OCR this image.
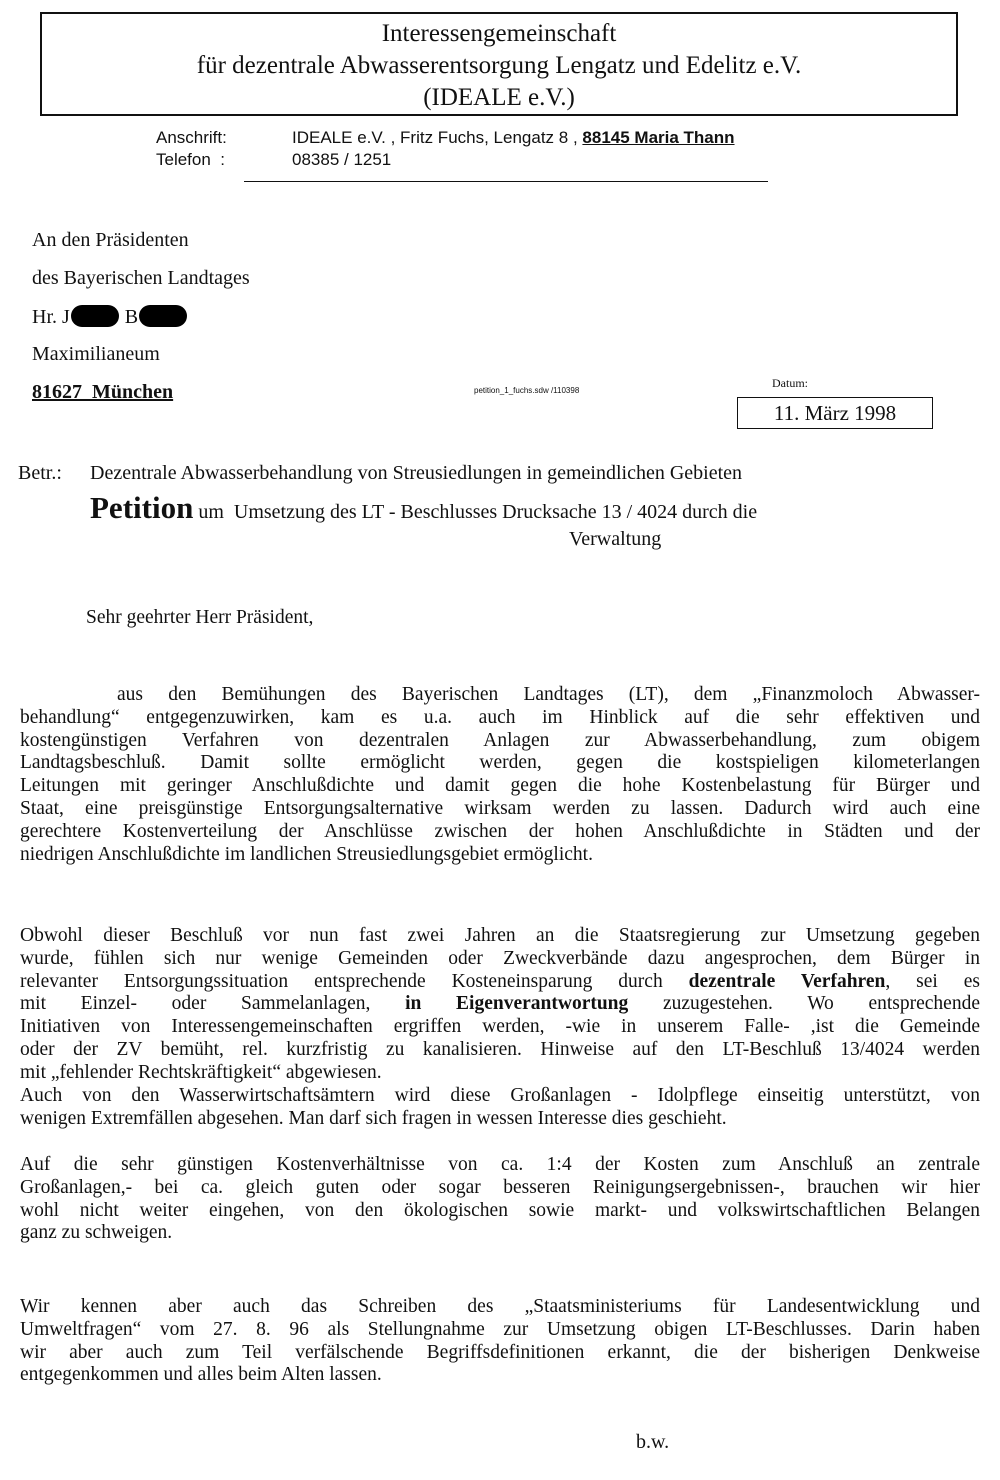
Interessengemeinschaft
für dezentrale Abwasserentsorgung Lengatz und Edelitz e.V.
(IDEALE e.V.)
Anschrift:	IDEALE e.V. , Fritz Fuchs, Lengatz 8 , 88145 Maria Thann
Telefon  :	08385 / 1251
An den Präsidenten
des Bayerischen Landtages
Hr. J	B
Maximilianeum
81627  München	petition_1_fuchs.sdw /110398
Datum:
11. März 1998
Betr.: Dezentrale Abwasserbehandlung von Streusiedlungen in gemeindlichen Gebieten
Petition um  Umsetzung des LT - Beschlusses Drucksache 13 / 4024 durch die
Verwaltung
Sehr geehrter Herr Präsident,
aus den Bemühungen des Bayerischen Landtages (LT), dem „Finanzmoloch Abwasser-
behandlung“ entgegenzuwirken, kam es u.a. auch im Hinblick auf die sehr effektiven und
kostengünstigen Verfahren von dezentralen Anlagen zur Abwasserbehandlung, zum obigem
Landtagsbeschluß. Damit sollte ermöglicht werden, gegen die kostspieligen kilometerlangen
Leitungen mit geringer Anschlußdichte und damit gegen die hohe Kostenbelastung für Bürger und
Staat, eine preisgünstige Entsorgungsalternative wirksam werden zu lassen. Dadurch wird auch eine
gerechtere Kostenverteilung der Anschlüsse zwischen der hohen Anschlußdichte in Städten und der
niedrigen Anschlußdichte im landlichen Streusiedlungsgebiet ermöglicht.
Obwohl dieser Beschluß vor nun fast zwei Jahren an die Staatsregierung zur Umsetzung gegeben
wurde, fühlen sich nur wenige Gemeinden oder Zweckverbände dazu angesprochen, dem Bürger in
relevanter Entsorgungssituation entsprechende Kosteneinsparung durch dezentrale Verfahren, sei es
mit Einzel- oder Sammelanlagen, in Eigenverantwortung zuzugestehen. Wo entsprechende
Initiativen von Interessengemeinschaften ergriffen werden, -wie in unserem Falle- ,ist die Gemeinde
oder der ZV bemüht, rel. kurzfristig zu kanalisieren. Hinweise auf den LT-Beschluß 13/4024 werden
mit „fehlender Rechtskräftigkeit“ abgewiesen.
Auch von den Wasserwirtschaftsämtern wird diese Großanlagen - Idolpflege einseitig unterstützt, von
wenigen Extremfällen abgesehen. Man darf sich fragen in wessen Interesse dies geschieht.
Auf die sehr günstigen Kostenverhältnisse von ca. 1:4 der Kosten zum Anschluß an zentrale
Großanlagen,- bei ca. gleich guten oder sogar besseren Reinigungsergebnissen-, brauchen wir hier
wohl nicht weiter eingehen, von den ökologischen sowie markt- und volkswirtschaftlichen Belangen
ganz zu schweigen.
Wir kennen aber auch das Schreiben des „Staatsministeriums für Landesentwicklung und
Umweltfragen“ vom 27. 8. 96 als Stellungnahme zur Umsetzung obigen LT-Beschlusses. Darin haben
wir aber auch zum Teil verfälschende Begriffsdefinitionen erkannt, die der bisherigen Denkweise
entgegenkommen und alles beim Alten lassen.
b.w.
